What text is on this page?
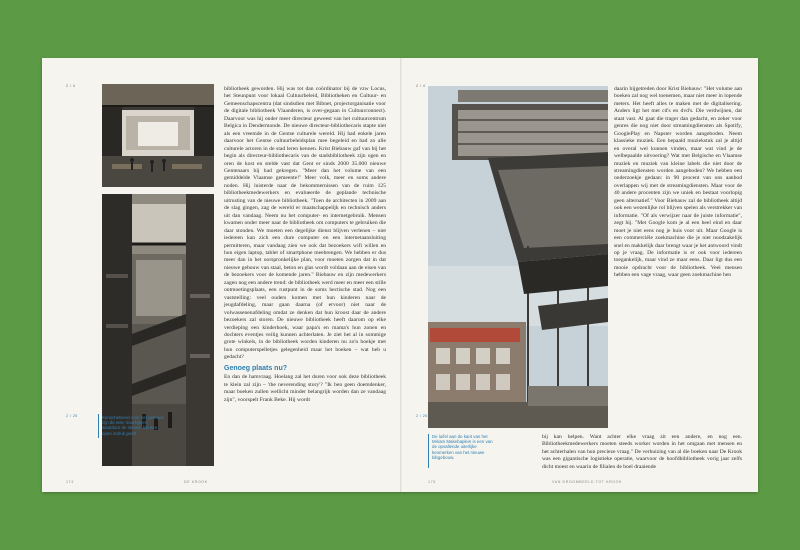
2 / 4	bibliotheek geworden. Hij was tot dan coördinator bij de vzw Locus, het Steunpunt voor lokaal Cultuurbeleid, Bibliotheken en Cultuur- en Gemeenschapscentra (dat sindsdien met Bibnet, projectorganisatie voor de digitale bibliotheek Vlaanderen, is over-gegaan in Cultuurconnect). Daarvoor was hij onder meer directeur geweest van het cultuurcentrum Belgica in Dendermonde. De nieuwe directeur-bibliothecaris stapte niet als een vreemde in de Gentse culturele wereld. Hij had enkele jaren daarvoor het Gentse cultuurbeleidsplan mee begeleid en had zo alle culturele actoren in de stad leren kennen. Krist Biebauw gaf van bij het begin als directeur-bibliothecaris van de stadsbibliotheek zijn ogen en oren de kost en stelde vast dat Gent er sinds 2000 35.000 nieuwe Gentenaars bij had gekregen. "Meer dan het volume van een gemiddelde Vlaamse gemeente!" Meer volk, meer en soms andere noden. Hij luisterde naar de bekommernissen van de ruim 125 bibliotheekmedewerkers en evalueerde de geplande technische uitrusting van de nieuwe bibliotheek. "Toen de architecten in 2009 aan de slag gingen, zag de wereld er maatschappelijk en technisch anders uit dan vandaag. Neem nu het computer- en internetgebruik. Mensen kwamen onder meer naar de bibliotheek om computers te gebruiken die daar stonden. We moeten een degelijke dienst blijven verlenen – niet iedereen kan zich een dure computer en een internetaansluiting permitteren, maar vandaag zien we ook dat bezoekers wifi willen en hun eigen laptop, tablet of smartphone meebrengen. We hebben er dus meer dan in het oorspronkelijke plan, voor moeten zorgen dat in dat nieuwe gebouw van staal, beton en glas wordt voldaan aan de eisen van de bezoekers voor de komende jaren." Biebauw en zijn medewerkers zagen nog een andere trend: de bibliotheek werd meer en meer een stille ontmoetingsplaats, een rustpunt in de soms hectische stad. Nog een vaststelling: veel ouders komen met hun kinderen naar de jeugdafdeling, maar gaan daarna (of ervoor) niet naar de volwassenenafdeling omdat ze denken dat hun kroost daar de andere bezoekers zal storen. De nieuwe bibliotheek heeft daarom op elke verdieping een kinderhoek, waar papa's en mama's hun zonen en dochters eventjes veilig kunnen achterlaten. Je ziet het al in sommige grote winkels, in de bibliotheek worden kinderen nu zo'n hoekje met hun computerspelletjes gelegenheid maar het boeken – wat heb u gedacht?

Genoeg plaats nu?

En dan de hamvraag. Hoelang zal het duren voor ook deze bibliotheek te klein zal zijn – 'the neverending story'? "Ik ben geen doemdenker, maar boeken zullen wellicht minder belangrijk worden dan ze vandaag zijn", voorspelt Frank Beke. Hij wordt

2 / 25	Kenschetsend voor het gebouw zijn de vele 'doorkijkjes', waardoor de nieuwe bib een open indruk geeft.
174	DE KROOK
2 / 4	daarin bijgetreden door Krist Biebauw: "Het volume aan boeken zal nog wel toenemen, maar niet meer in lopende meters. Het heeft alles te maken met de digitalisering. Anders ligt het met cd's en dvd's. Die verdwijnen, dat staat vast. Al gaat die trager dan gedacht, en zeker voor genres die nog niet door streamingdiensten als Spotify, GooglePlay en Napster worden aangeboden. Neem klassieke muziek. Een bepaald muziekstuk zal je altijd en overal wel kunnen vinden, maar wat vind je de welbepaalde uitvoering? Wat met Belgische en Vlaamse muziek en muziek van kleine labels die niet door de streamingdiensten worden aangeboden? We hebben een onderzoekje gedaan: in 90 procent van ons aanbod overlappen wij met de streamingdiensten. Maar voor de 40 andere procenten zijn we uniek en bestaat voorlopig geen alternatief." Voor Biebauw zal de bibliotheek altijd ook een wezenlijke rol blijven spelen als verstrekker van informatie. "Of als verwijzer naar de juiste informatie", zegt hij. "Met Google kom je al een heel eind en daar moet je niet eens nog je huis voor uit. Maar Google is een commerciële zoekmachine die je niet noodzakelijk snel en makkelijk daar brengt waar je het antwoord vindt op je vraag. De informatie is er ook voor iedereen toegankelijk, maar vind ze maar eens. Daar ligt dus een mooie opdracht voor de bibliotheek. Veel mensen hebben een vage vraag, waar geen zoekmachine hen

bij kan helpen. Want achter elke vraag zit een andere, en nog een. Bibliotheekmedewerkers moeten steeds worker worden in het omgaan met mensen en het achterhalen van hun precieze vraag." De verhuizing van al die boeken naar De Krook was een gigantische logistieke operatie, waarvoor de hoofdbibliotheek vorig jaar zelfs dicht moest en waarin de filialen de boel draaiende

2 / 25
De luifel aan de kant van het Miriam Makebaplein is een van de opvallende uiterlijke kenmerken van het nieuwe bibgebouw.
175	VAN DROOMBEELD TOT KROOK
